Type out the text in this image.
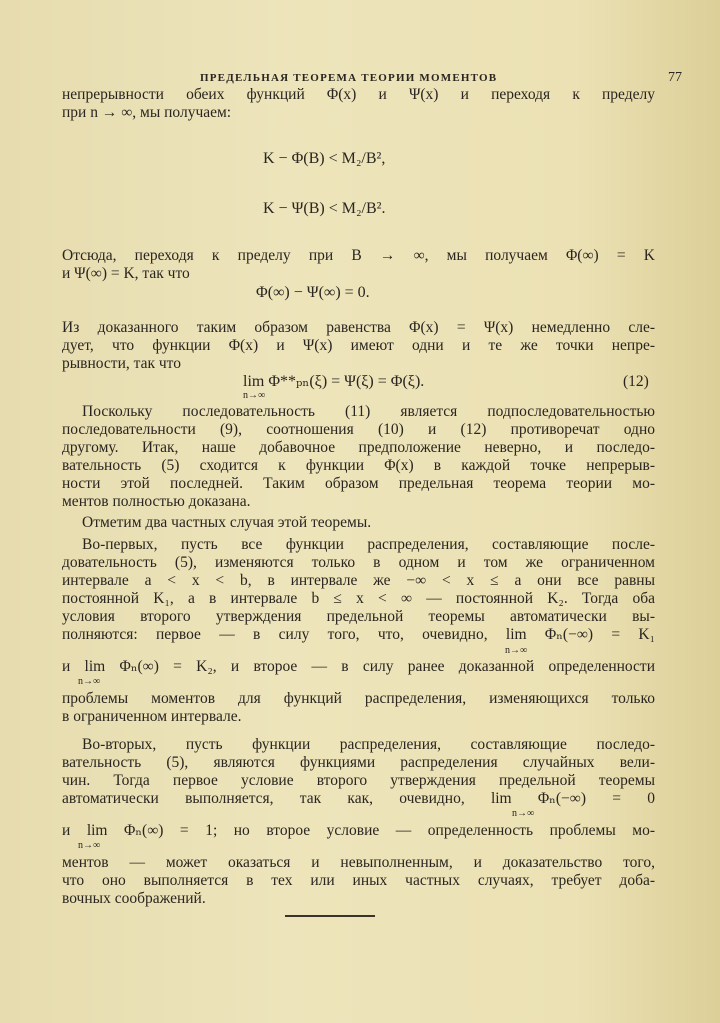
ПРЕДЕЛЬНАЯ ТЕОРЕМА ТЕОРИИ МОМЕНТОВ	77
непрерывности обеих функций Φ(x) и Ψ(x) и переходя к пределу
при n → ∞, мы получаем:
K − Φ(B) < M₂/B²,
K − Ψ(B) < M₂/B².
Отсюда, переходя к пределу при B → ∞, мы получаем Φ(∞) = K
и Ψ(∞) = K, так что
Φ(∞) − Ψ(∞) = 0.
Из доказанного таким образом равенства Φ(x) = Ψ(x) немедленно сле-
дует, что функции Φ(x) и Ψ(x) имеют одни и те же точки непре-
рывности, так что
lim Φ**ₚₙ(ξ) = Ψ(ξ) = Φ(ξ).
n→∞
(12)
Поскольку последовательность (11) является подпоследовательностью
последовательности (9), соотношения (10) и (12) противоречат одно
другому. Итак, наше добавочное предположение неверно, и последо-
вательность (5) сходится к функции Φ(x) в каждой точке непрерыв-
ности этой последней. Таким образом предельная теорема теории мо-
ментов полностью доказана.
Отметим два частных случая этой теоремы.
Во-первых, пусть все функции распределения, составляющие после-
довательность (5), изменяются только в одном и том же ограниченном
интервале a < x < b, в интервале же −∞ < x ≤ a они все равны
постоянной K₁, а в интервале b ≤ x < ∞ — постоянной K₂. Тогда оба
условия второго утверждения предельной теоремы автоматически вы-
полняются: первое — в силу того, что, очевидно, lim Φₙ(−∞) = K₁
n→∞
и lim Φₙ(∞) = K₂, и второе — в силу ранее доказанной определенности
n→∞
проблемы моментов для функций распределения, изменяющихся только
в ограниченном интервале.
Во-вторых, пусть функции распределения, составляющие последо-
вательность (5), являются функциями распределения случайных вели-
чин. Тогда первое условие второго утверждения предельной теоремы
автоматически выполняется, так как, очевидно, lim Φₙ(−∞) = 0
n→∞
и lim Φₙ(∞) = 1; но второе условие — определенность проблемы мо-
n→∞
ментов — может оказаться и невыполненным, и доказательство того,
что оно выполняется в тех или иных частных случаях, требует доба-
вочных соображений.
